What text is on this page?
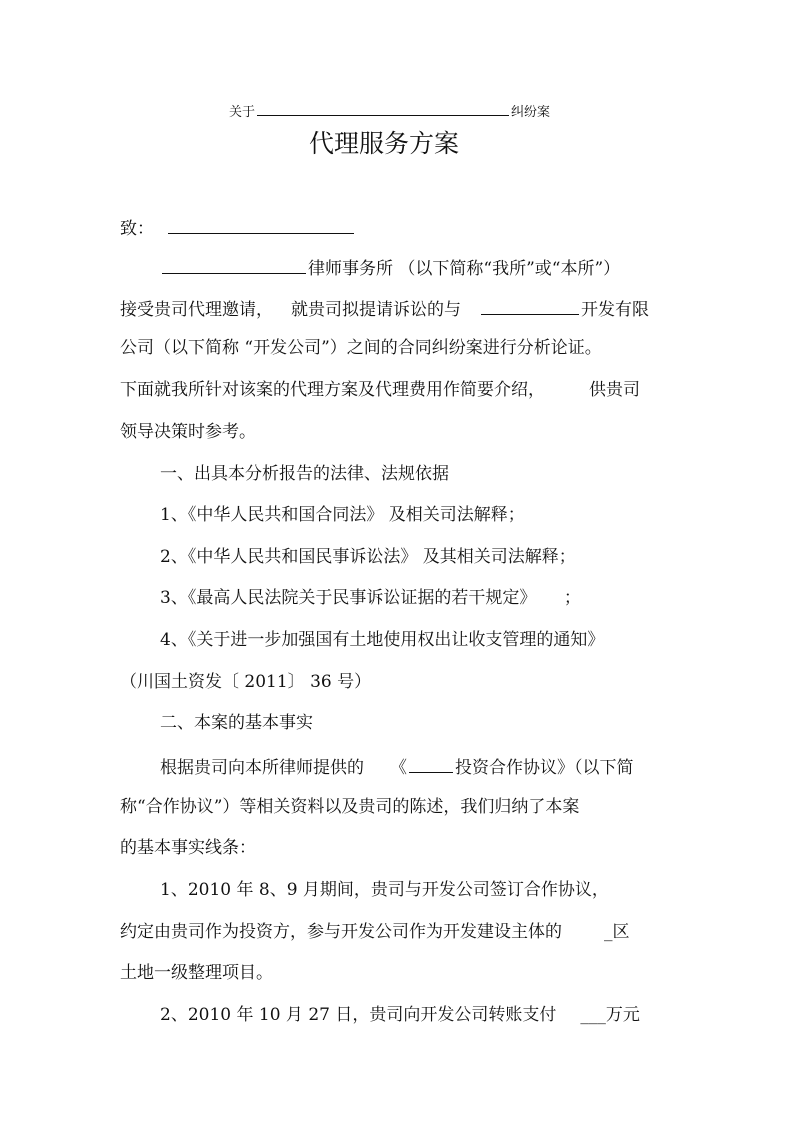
关于	纠纷案
代理服务方案
致：
律师事务所 （以下简称“我所”或“本所”）
接受贵司代理邀请， 就贵司拟提请诉讼的与	开发有限
公司（以下简称 “开发公司”）之间的合同纠纷案进行分析论证。
下面就我所针对该案的代理方案及代理费用作简要介绍，	供贵司
领导决策时参考。
一、出具本分析报告的法律、法规依据
1、《中华人民共和国合同法》 及相关司法解释；
2、《中华人民共和国民事诉讼法》 及其相关司法解释；
3、《最高人民法院关于民事诉讼证据的若干规定》 ；
4、《关于进一步加强国有土地使用权出让收支管理的通知》
（川国土资发〔 2011〕 36 号）
二、本案的基本事实
根据贵司向本所律师提供的 《	投资合作协议》（以下简
称“合作协议”）等相关资料以及贵司的陈述，我们归纳了本案
的基本事实线条：
1、2010 年 8、9 月期间，贵司与开发公司签订合作协议，
约定由贵司作为投资方，参与开发公司作为开发建设主体的 _区
土地一级整理项目。
2、2010 年 10 月 27 日，贵司向开发公司转账支付 ___万元
